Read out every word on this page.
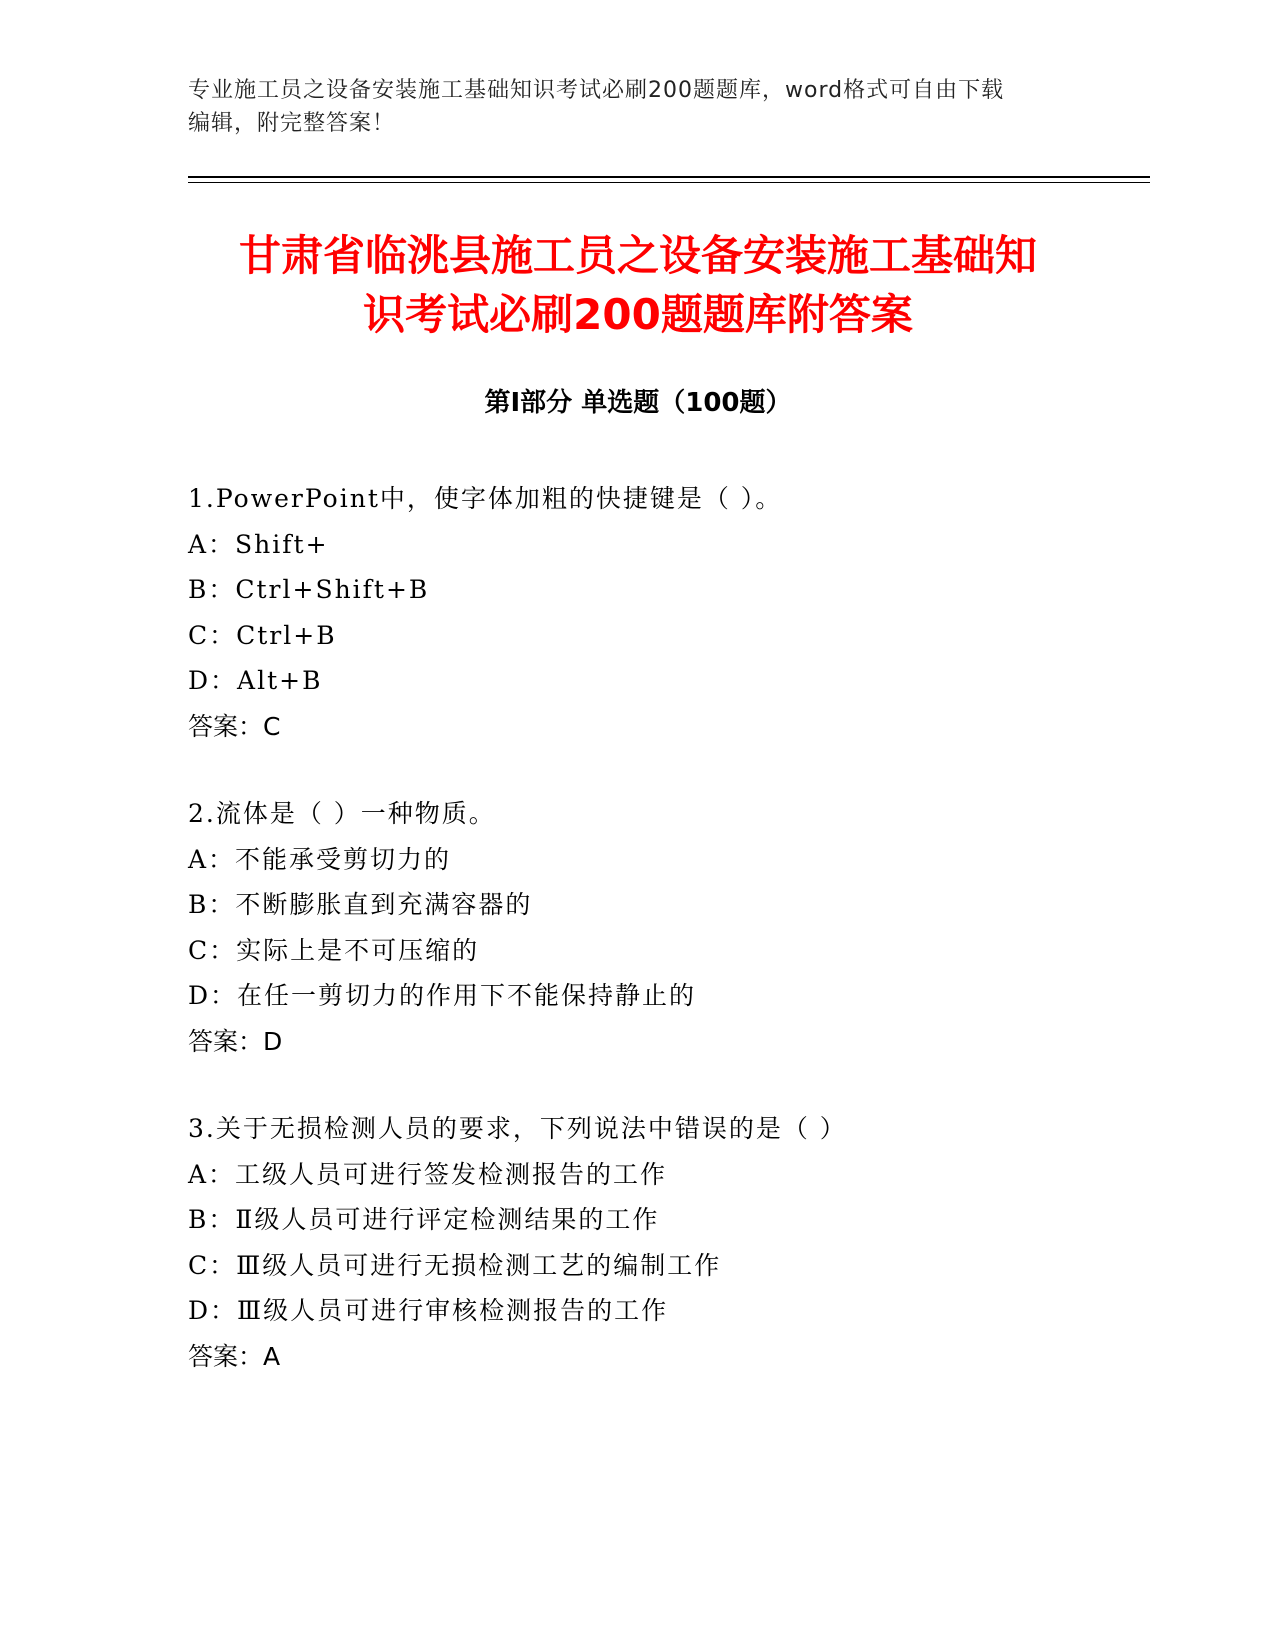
专业施工员之设备安装施工基础知识考试必刷200题题库，word格式可自由下载
编辑，附完整答案！
甘肃省临洮县施工员之设备安装施工基础知
识考试必刷200题题库附答案
第Ⅰ部分 单选题（100题）
1.PowerPoint中，使字体加粗的快捷键是（ ）。
A：Shift+
B：Ctrl+Shift+B
C：Ctrl+B
D：Alt+B
答案：C
2.流体是（ ）一种物质。
A：不能承受剪切力的
B：不断膨胀直到充满容器的
C：实际上是不可压缩的
D：在任一剪切力的作用下不能保持静止的
答案：D
3.关于无损检测人员的要求，下列说法中错误的是（ ）
A：工级人员可进行签发检测报告的工作
B：Ⅱ级人员可进行评定检测结果的工作
C：Ⅲ级人员可进行无损检测工艺的编制工作
D：Ⅲ级人员可进行审核检测报告的工作
答案：A
